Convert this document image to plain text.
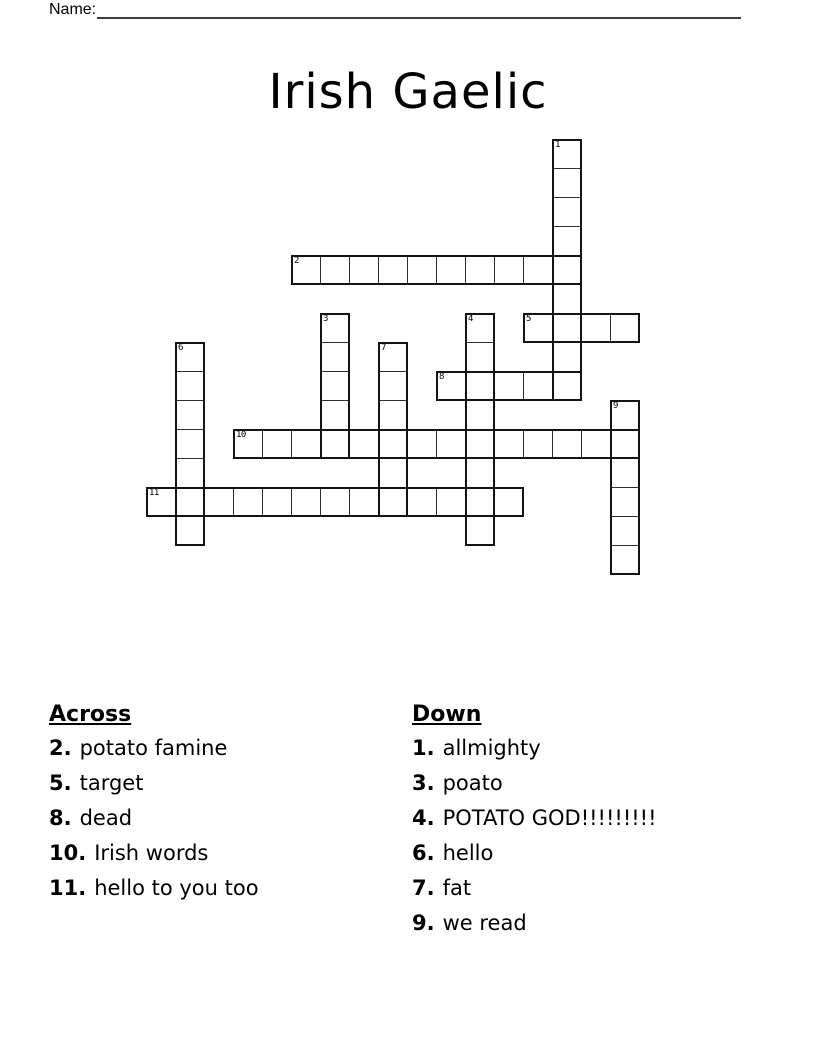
Name:
Irish Gaelic
1
2
3	4	5
6	7
8
9
10
11
Across
2. potato famine
5. target
8. dead
10. Irish words
11. hello to you too
Down
1. allmighty
3. poato
4. POTATO GOD!!!!!!!!!
6. hello
7. fat
9. we read
